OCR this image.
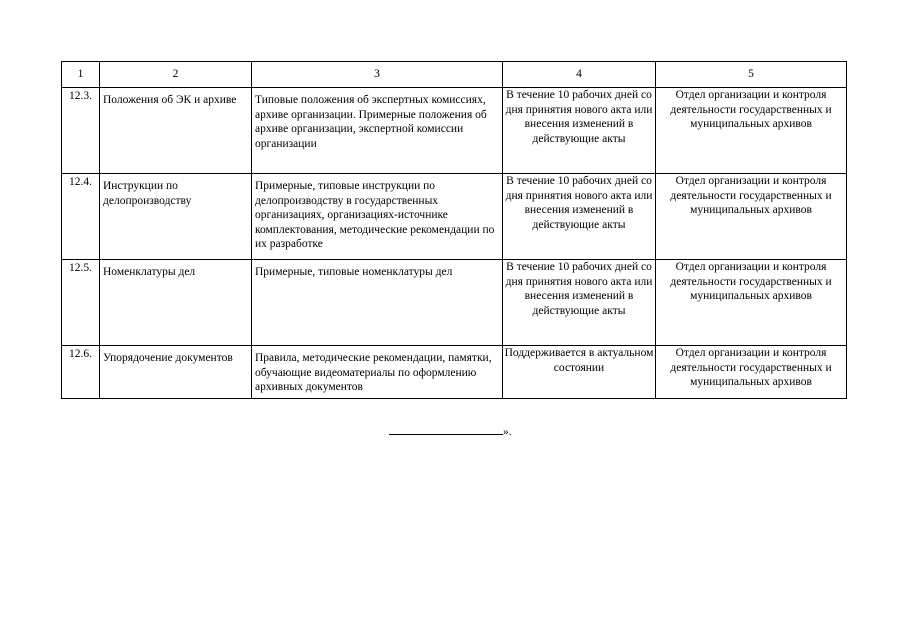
1	2	3	4	5
12.3.	Положения об ЭК и архиве	Типовые положения об экспертных комиссиях, архиве организации. Примерные положения об архиве организации, экспертной комиссии организации	В течение 10 рабочих дней со дня принятия нового акта или внесения изменений в действующие акты	Отдел организации и контроля деятельности государственных и муниципальных архивов
12.4.	Инструкции по делопроизводству	Примерные, типовые инструкции по делопроизводству в государственных организациях, организациях-источнике комплектования, методические рекомендации по их разработке	В течение 10 рабочих дней со дня принятия нового акта или внесения изменений в действующие акты	Отдел организации и контроля деятельности государственных и муниципальных архивов
12.5.	Номенклатуры дел	Примерные, типовые номенклатуры дел	В течение 10 рабочих дней со дня принятия нового акта или внесения изменений в действующие акты	Отдел организации и контроля деятельности государственных и муниципальных архивов
12.6.	Упорядочение документов	Правила, методические рекомендации, памятки, обучающие видеоматериалы по оформлению архивных документов	Поддерживается в актуальном состоянии	Отдел организации и контроля деятельности государственных и муниципальных архивов
».
